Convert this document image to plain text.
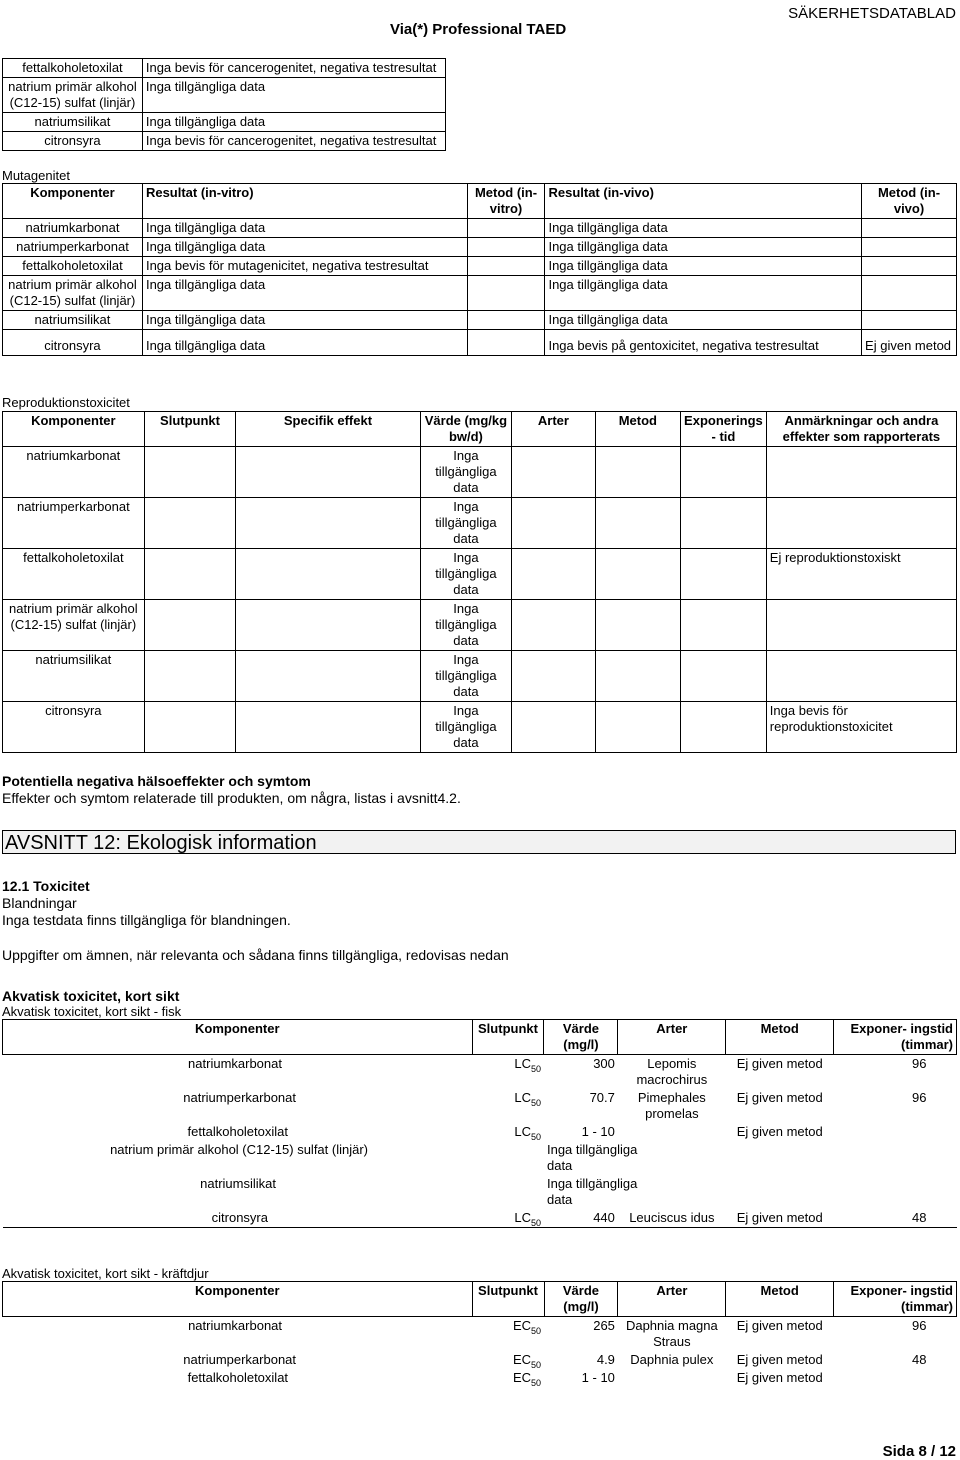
Via(*) Professional TAED
SÄKERHETSDATABLAD
fettalkoholetoxilat	Inga bevis för cancerogenitet, negativa testresultat
natrium primär alkohol (C12-15) sulfat (linjär)	Inga tillgängliga data
natriumsilikat	Inga tillgängliga data
citronsyra	Inga bevis för cancerogenitet, negativa testresultat
Mutagenitet
Komponenter	Resultat (in-vitro)	Metod (in-vitro)	Resultat (in-vivo)	Metod (in-vivo)
natriumkarbonat	Inga tillgängliga data		Inga tillgängliga data	
natriumperkarbonat	Inga tillgängliga data		Inga tillgängliga data	
fettalkoholetoxilat	Inga bevis för mutagenicitet, negativa testresultat		Inga tillgängliga data	
natrium primär alkohol (C12-15) sulfat (linjär)	Inga tillgängliga data		Inga tillgängliga data	
natriumsilikat	Inga tillgängliga data		Inga tillgängliga data	
citronsyra	Inga tillgängliga data		Inga bevis på gentoxicitet, negativa testresultat	Ej given metod
Reproduktionstoxicitet
Komponenter	Slutpunkt	Specifik effekt	Värde (mg/kg bw/d)	Arter	Metod	Exponerings - tid	Anmärkningar och andra effekter som rapporterats
natriumkarbonat			Inga tillgängliga data				
natriumperkarbonat			Inga tillgängliga data				
fettalkoholetoxilat			Inga tillgängliga data				Ej reproduktionstoxiskt
natrium primär alkohol (C12-15) sulfat (linjär)			Inga tillgängliga data				
natriumsilikat			Inga tillgängliga data				
citronsyra			Inga tillgängliga data				Inga bevis för reproduktionstoxicitet
Potentiella negativa hälsoeffekter och symtom
Effekter och symtom relaterade till produkten, om några, listas i avsnitt4.2.
AVSNITT 12: Ekologisk information
12.1 Toxicitet
Blandningar
Inga testdata finns tillgängliga för blandningen.
Uppgifter om ämnen, när relevanta och sådana finns tillgängliga, redovisas nedan
Akvatisk toxicitet, kort sikt
Akvatisk toxicitet, kort sikt - fisk
Komponenter	Slutpunkt	Värde (mg/l)	Arter	Metod	Exponer- ingstid (timmar)
natriumkarbonat	$LC_{50}$	300	Lepomis macrochirus	Ej given metod	96
natriumperkarbonat	$LC_{50}$	70.7	Pimephales promelas	Ej given metod	96
fettalkoholetoxilat	$LC_{50}$	1 - 10		Ej given metod	
natrium primär alkohol (C12-15) sulfat (linjär)		Inga tillgängliga data			

natriumsilikat		Inga tillgängliga data			

citronsyra	$LC_{50}$	440	Leuciscus idus	Ej given metod	48
Akvatisk toxicitet, kort sikt - kräftdjur
Komponenter	Slutpunkt	Värde (mg/l)	Arter	Metod	Exponer- ingstid (timmar)
natriumkarbonat	$EC_{50}$	265	Daphnia magna Straus	Ej given metod	96
natriumperkarbonat	$EC_{50}$	4.9	Daphnia pulex	Ej given metod	48
fettalkoholetoxilat	$EC_{50}$	1 - 10		Ej given metod	
Sida 8 / 12
